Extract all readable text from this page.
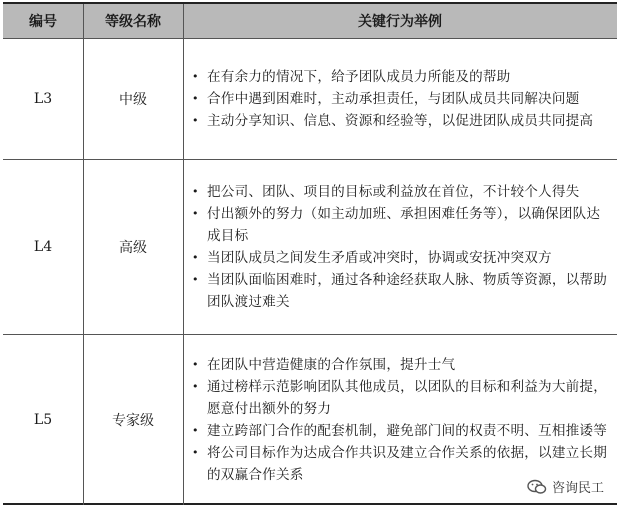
编号	等级名称	关键行为举例
L3	中级
• 在有余力的情况下，给予团队成员力所能及的帮助
• 合作中遇到困难时，主动承担责任，与团队成员共同解决问题
• 主动分享知识、信息、资源和经验等，以促进团队成员共同提高
L4	高级
• 把公司、团队、项目的目标或利益放在首位，不计较个人得失
• 付出额外的努力（如主动加班、承担困难任务等），以确保团队达成目标
• 当团队成员之间发生矛盾或冲突时，协调或安抚冲突双方
• 当团队面临困难时，通过各种途经获取人脉、物质等资源，以帮助团队渡过难关
L5	专家级
• 在团队中营造健康的合作氛围，提升士气
• 通过榜样示范影响团队其他成员，以团队的目标和利益为大前提，愿意付出额外的努力
• 建立跨部门合作的配套机制，避免部门间的权责不明、互相推诿等
• 将公司目标作为达成合作共识及建立合作关系的依据，以建立长期的双赢合作关系
咨询民工
